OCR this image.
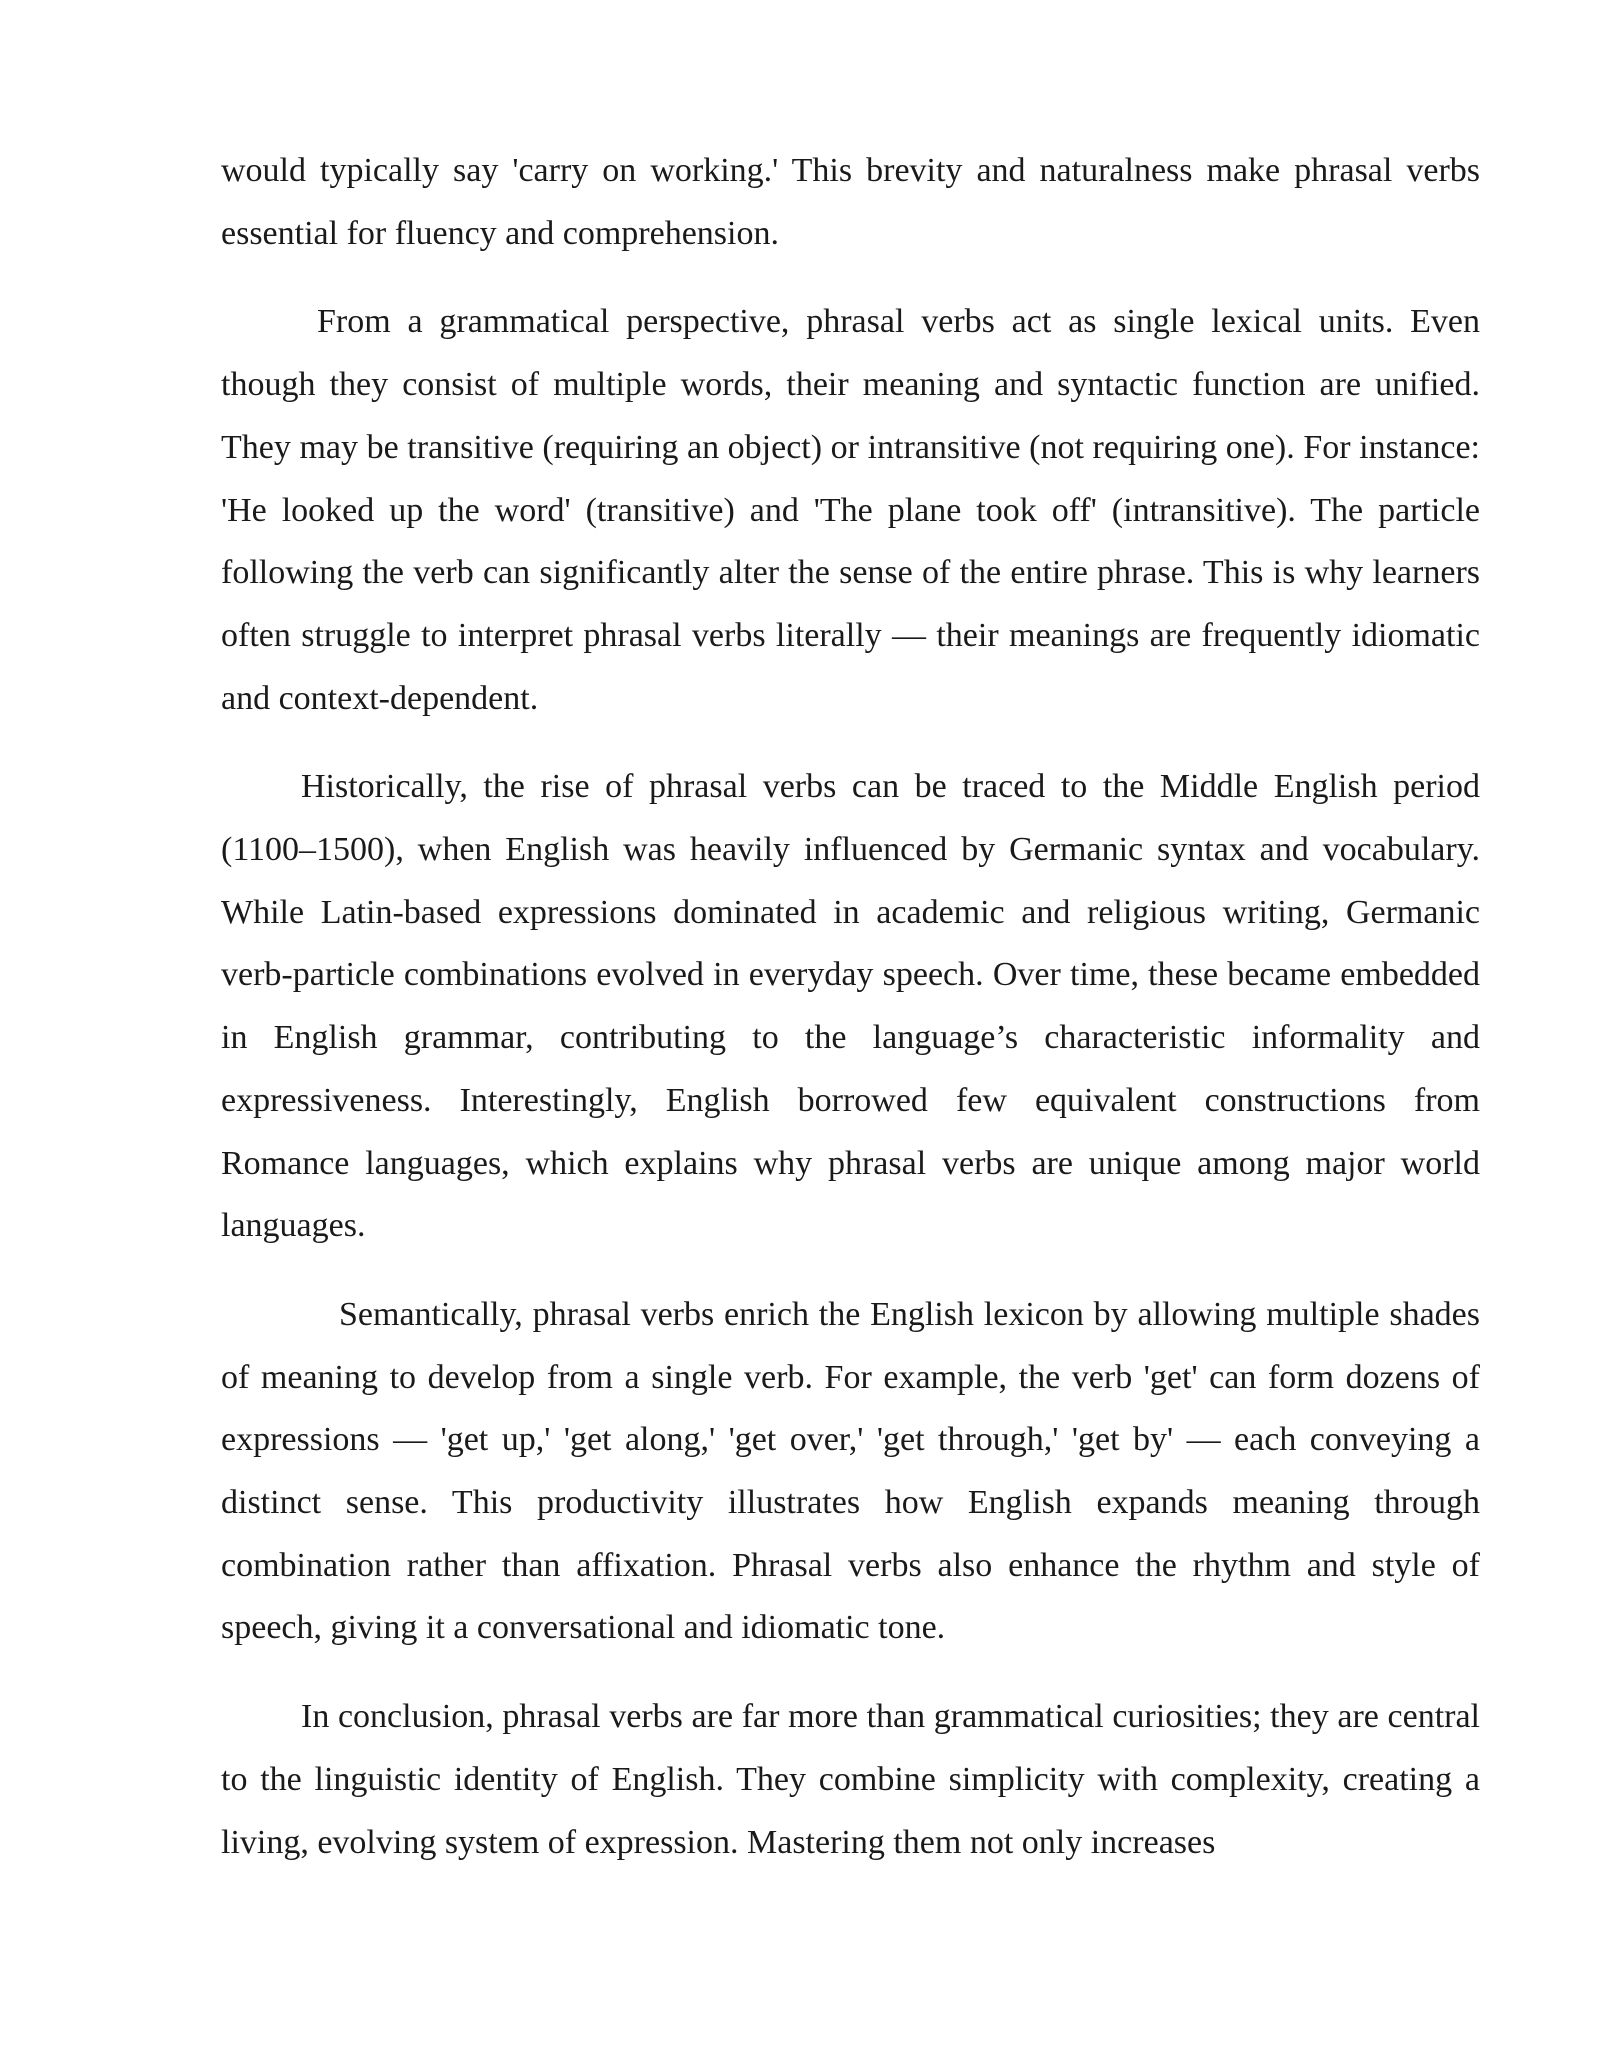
would typically say 'carry on working.' This brevity and naturalness make phrasal verbs essential for fluency and comprehension.

From a grammatical perspective, phrasal verbs act as single lexical units. Even though they consist of multiple words, their meaning and syntactic function are unified. They may be transitive (requiring an object) or intransitive (not requiring one). For instance: 'He looked up the word' (transitive) and 'The plane took off' (intransitive). The particle following the verb can significantly alter the sense of the entire phrase. This is why learners often struggle to interpret phrasal verbs literally — their meanings are frequently idiomatic and context-dependent.

Historically, the rise of phrasal verbs can be traced to the Middle English period (1100–1500), when English was heavily influenced by Germanic syntax and vocabulary. While Latin-based expressions dominated in academic and religious writing, Germanic verb-particle combinations evolved in everyday speech. Over time, these became embedded in English grammar, contributing to the language’s characteristic informality and expressiveness. Interestingly, English borrowed few equivalent constructions from Romance languages, which explains why phrasal verbs are unique among major world languages.

Semantically, phrasal verbs enrich the English lexicon by allowing multiple shades of meaning to develop from a single verb. For example, the verb 'get' can form dozens of expressions — 'get up,' 'get along,' 'get over,' 'get through,' 'get by' — each conveying a distinct sense. This productivity illustrates how English expands meaning through combination rather than affixation. Phrasal verbs also enhance the rhythm and style of speech, giving it a conversational and idiomatic tone.

In conclusion, phrasal verbs are far more than grammatical curiosities; they are central to the linguistic identity of English. They combine simplicity with complexity, creating a living, evolving system of expression. Mastering them not only increases
